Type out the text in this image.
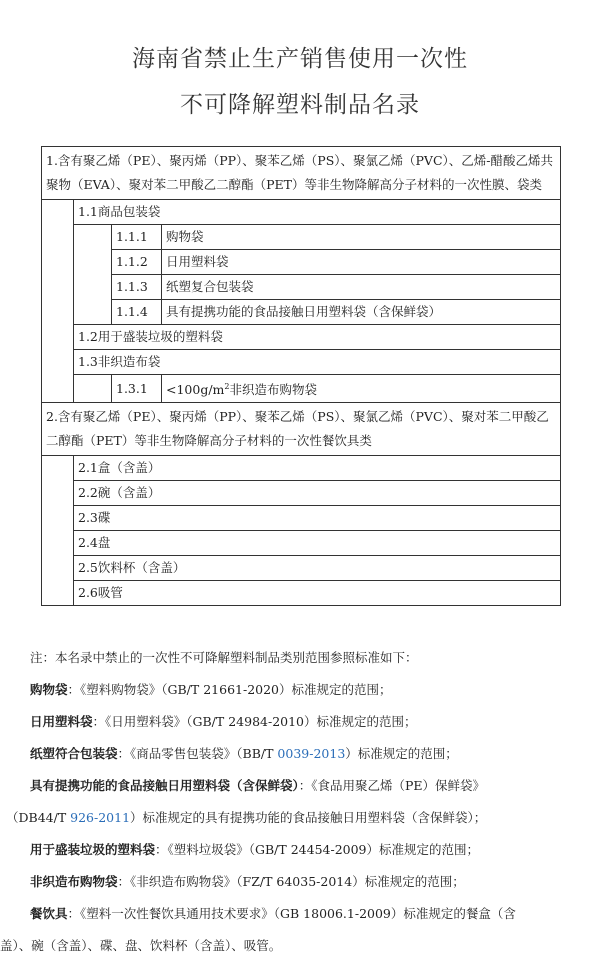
海南省禁止生产销售使用一次性
不可降解塑料制品名录
1.含有聚乙烯（PE）、聚丙烯（PP）、聚苯乙烯（PS）、聚氯乙烯（PVC）、乙烯-醋酸乙烯共聚物（EVA）、聚对苯二甲酸乙二醇酯（PET）等非生物降解高分子材料的一次性膜、袋类			
	1.1商品包装袋		
		1.1.1	购物袋
		1.1.2	日用塑料袋
		1.1.3	纸塑复合包装袋
		1.1.4	具有提携功能的食品接触日用塑料袋（含保鲜袋）
	1.2用于盛装垃圾的塑料袋		
	1.3非织造布袋		
		1.3.1	$<100g/m^2$非织造布购物袋
2.含有聚乙烯（PE）、聚丙烯（PP）、聚苯乙烯（PS）、聚氯乙烯（PVC）、聚对苯二甲酸乙二醇酯（PET）等非生物降解高分子材料的一次性餐饮具类			
	2.1盒（含盖）		
	2.2碗（含盖）		
	2.3碟		
	2.4盘		
	2.5饮料杯（含盖）		
	2.6吸管		
注：本名录中禁止的一次性不可降解塑料制品类别范围参照标准如下：
购物袋：《塑料购物袋》（GB/T 21661-2020）标准规定的范围；
日用塑料袋：《日用塑料袋》（GB/T 24984-2010）标准规定的范围；
纸塑符合包装袋：《商品零售包装袋》（BB/T 0039-2013）标准规定的范围；
具有提携功能的食品接触日用塑料袋（含保鲜袋）：《食品用聚乙烯（PE）保鲜袋》
（DB44/T 926-2011）标准规定的具有提携功能的食品接触日用塑料袋（含保鲜袋）；
用于盛装垃圾的塑料袋：《塑料垃圾袋》（GB/T 24454-2009）标准规定的范围；
非织造布购物袋：《非织造布购物袋》（FZ/T 64035-2014）标准规定的范围；
餐饮具：《塑料一次性餐饮具通用技术要求》（GB 18006.1-2009）标准规定的餐盒（含
盖）、碗（含盖）、碟、盘、饮料杯（含盖）、吸管。
